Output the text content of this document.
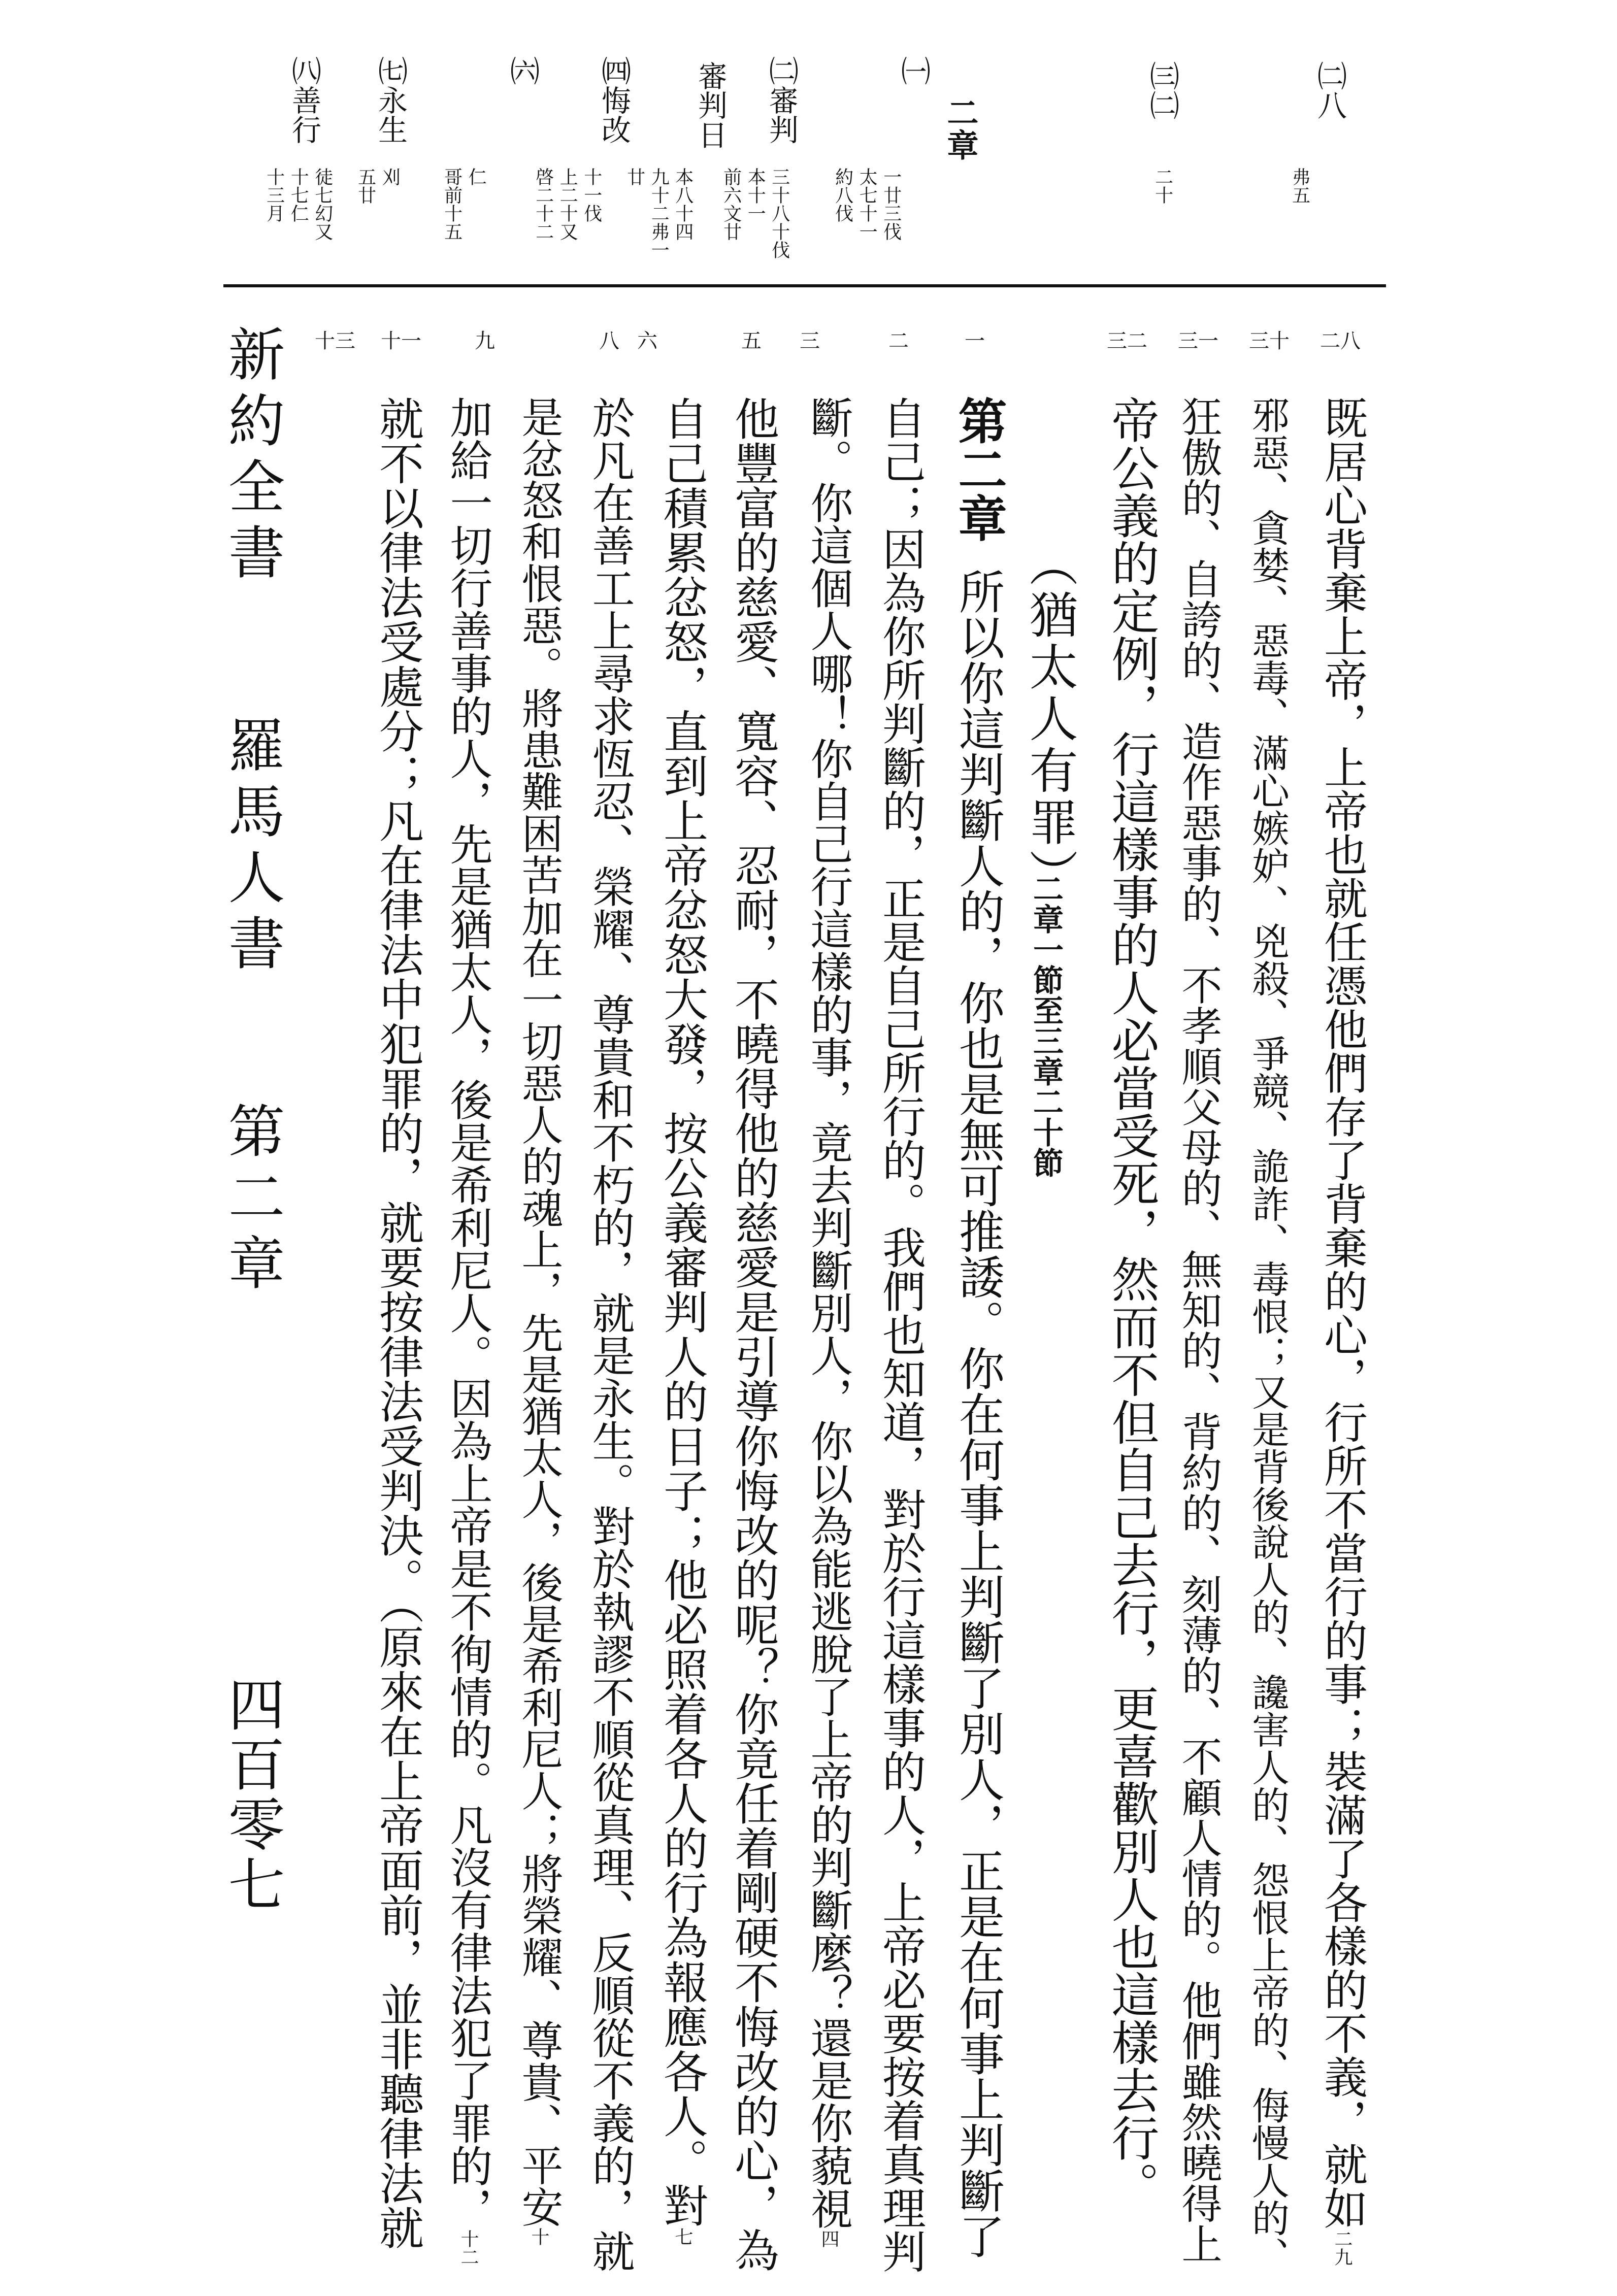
二章
㈡八
弗五
㈢㈡
二十
㈠
一廿三伐
太七十一
約八伐
㈡審判
三十八十伐
本十一
前六文廿
審判日
本八十四
九十二弗一
廿
㈣悔改
十一伐
上二十又
啓二十二
㈥
仁
哥前十五
㈦永生
刈
五廿
㈧善行
徒七幻又
十七仁
十三月
二八
既居心背棄上帝，上帝也就任憑他們存了背棄的心，行所不當行的事；裝滿了各樣的不義，就如二九
三十
邪惡、貪婪、惡毒、滿心嫉妒、兇殺、爭競、詭詐、毒恨；又是背後說人的、讒害人的、怨恨上帝的、侮慢人的、
三一
狂傲的、自誇的、造作惡事的、不孝順父母的、無知的、背約的、刻薄的、不顧人情的。他們雖然曉得上
三二
帝公義的定例，行這樣事的人必當受死，然而不但自己去行，更喜歡別人也這樣去行。
（猶太人有罪）
二章一節至三章二十節
一
第二章
所以你這判斷人的，你也是無可推諉。你在何事上判斷了別人，正是在何事上判斷了
二
自己；因為你所判斷的，正是自己所行的。我們也知道，對於行這樣事的人，上帝必要按着真理判
三
斷。你這個人哪！你自己行這樣的事，竟去判斷別人，你以為能逃脫了上帝的判斷麼？還是你藐視四
五
他豐富的慈愛、寬容、忍耐，不曉得他的慈愛是引導你悔改的呢？你竟任着剛硬不悔改的心，為
六
自己積累忿怒，直到上帝忿怒大發，按公義審判人的日子；他必照着各人的行為報應各人。對七
八
於凡在善工上尋求恆忍、榮耀、尊貴和不朽的，就是永生。對於執謬不順從真理、反順從不義的，就
九
是忿怒和恨惡。將患難困苦加在一切惡人的魂上，先是猶太人，後是希利尼人；將榮耀、尊貴、平安十
十一
加給一切行善事的人，先是猶太人，後是希利尼人。因為上帝是不徇情的。凡沒有律法犯了罪的，十二
十三
就不以律法受處分；凡在律法中犯罪的，就要按律法受判決。（原來在上帝面前，並非聽律法就
新約全書
羅馬人書
第二章
四百零七
